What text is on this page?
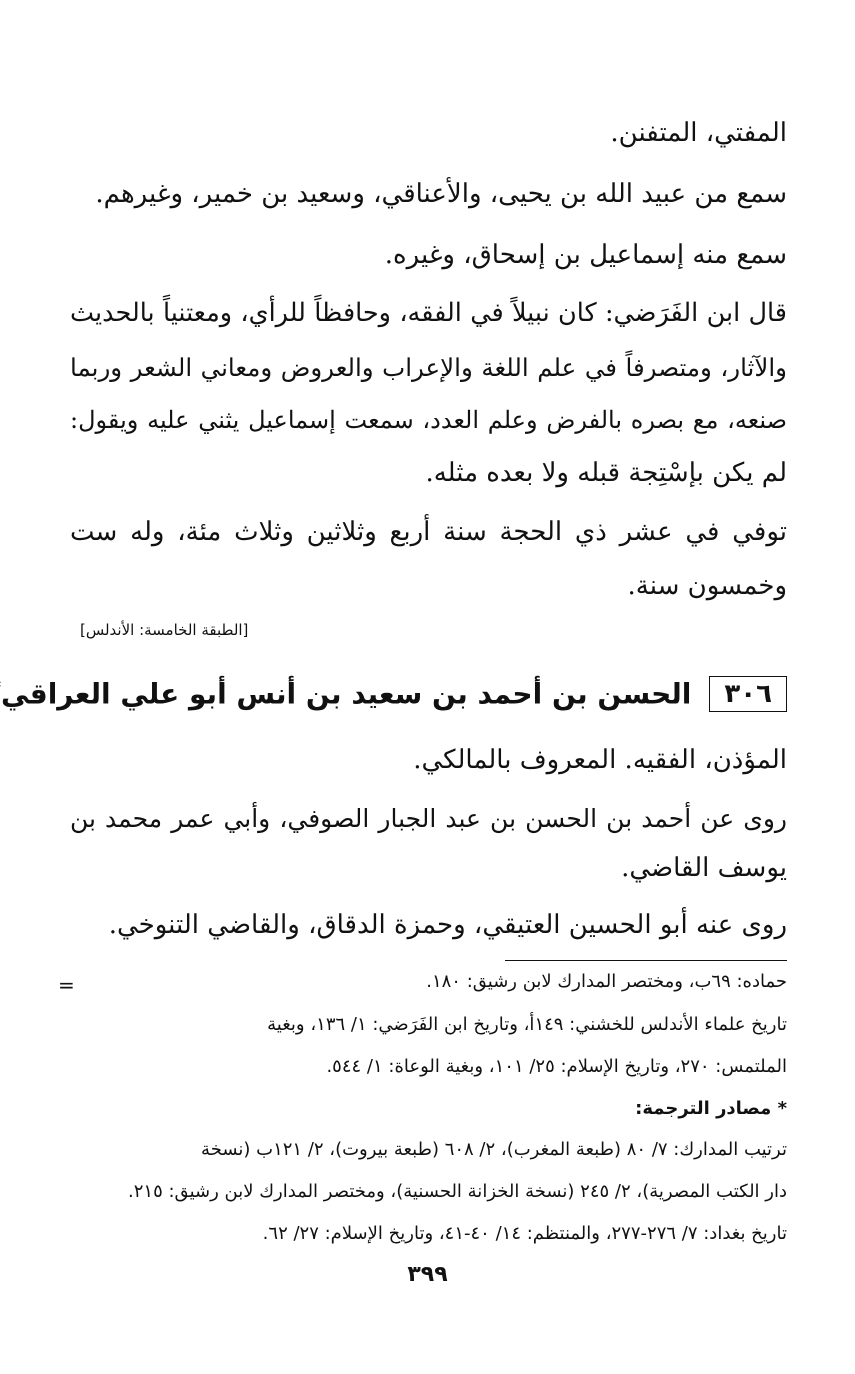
المفتي، المتفنن.
سمع من عبيد الله بن يحيى، والأعناقي، وسعيد بن خمير، وغيرهم.
سمع منه إسماعيل بن إسحاق، وغيره.
قال ابن الفَرَضي: كان نبيلاً في الفقه، وحافظاً للرأي، ومعتنياً بالحديث
والآثار، ومتصرفاً في علم اللغة والإعراب والعروض ومعاني الشعر وربما
صنعه، مع بصره بالفرض وعلم العدد، سمعت إسماعيل يثني عليه ويقول:
لم يكن بإسْتِجة قبله ولا بعده مثله.
توفي في عشر ذي الحجة سنة أربع وثلاثين وثلاث مئة، وله ست
وخمسون سنة.
[الطبقة الخامسة: الأندلس]
٣٠٦
الحسن بن أحمد بن سعيد بن أنس أبو علي العراقي
المؤذن، الفقيه. المعروف بالمالكي.
روى عن أحمد بن الحسن بن عبد الجبار الصوفي، وأبي عمر محمد بن
يوسف القاضي.
روى عنه أبو الحسين العتيقي، وحمزة الدقاق، والقاضي التنوخي.
=	حماده: ٦٩ب، ومختصر المدارك لابن رشيق: ١٨٠.
تاريخ علماء الأندلس للخشني: ١٤٩أ، وتاريخ ابن الفَرَضي: ١/ ١٣٦، وبغية
الملتمس: ٢٧٠، وتاريخ الإسلام: ٢٥/ ١٠١، وبغية الوعاة: ١/ ٥٤٤.
* مصادر الترجمة:
ترتيب المدارك: ٧/ ٨٠ (طبعة المغرب)، ٢/ ٦٠٨ (طبعة بيروت)، ٢/ ١٢١ب (نسخة
دار الكتب المصرية)، ٢/ ٢٤٥ (نسخة الخزانة الحسنية)، ومختصر المدارك لابن رشيق: ٢١٥.
تاريخ بغداد: ٧/ ٢٧٦-٢٧٧، والمنتظم: ١٤/ ٤٠-٤١، وتاريخ الإسلام: ٢٧/ ٦٢.
٣٩٩
